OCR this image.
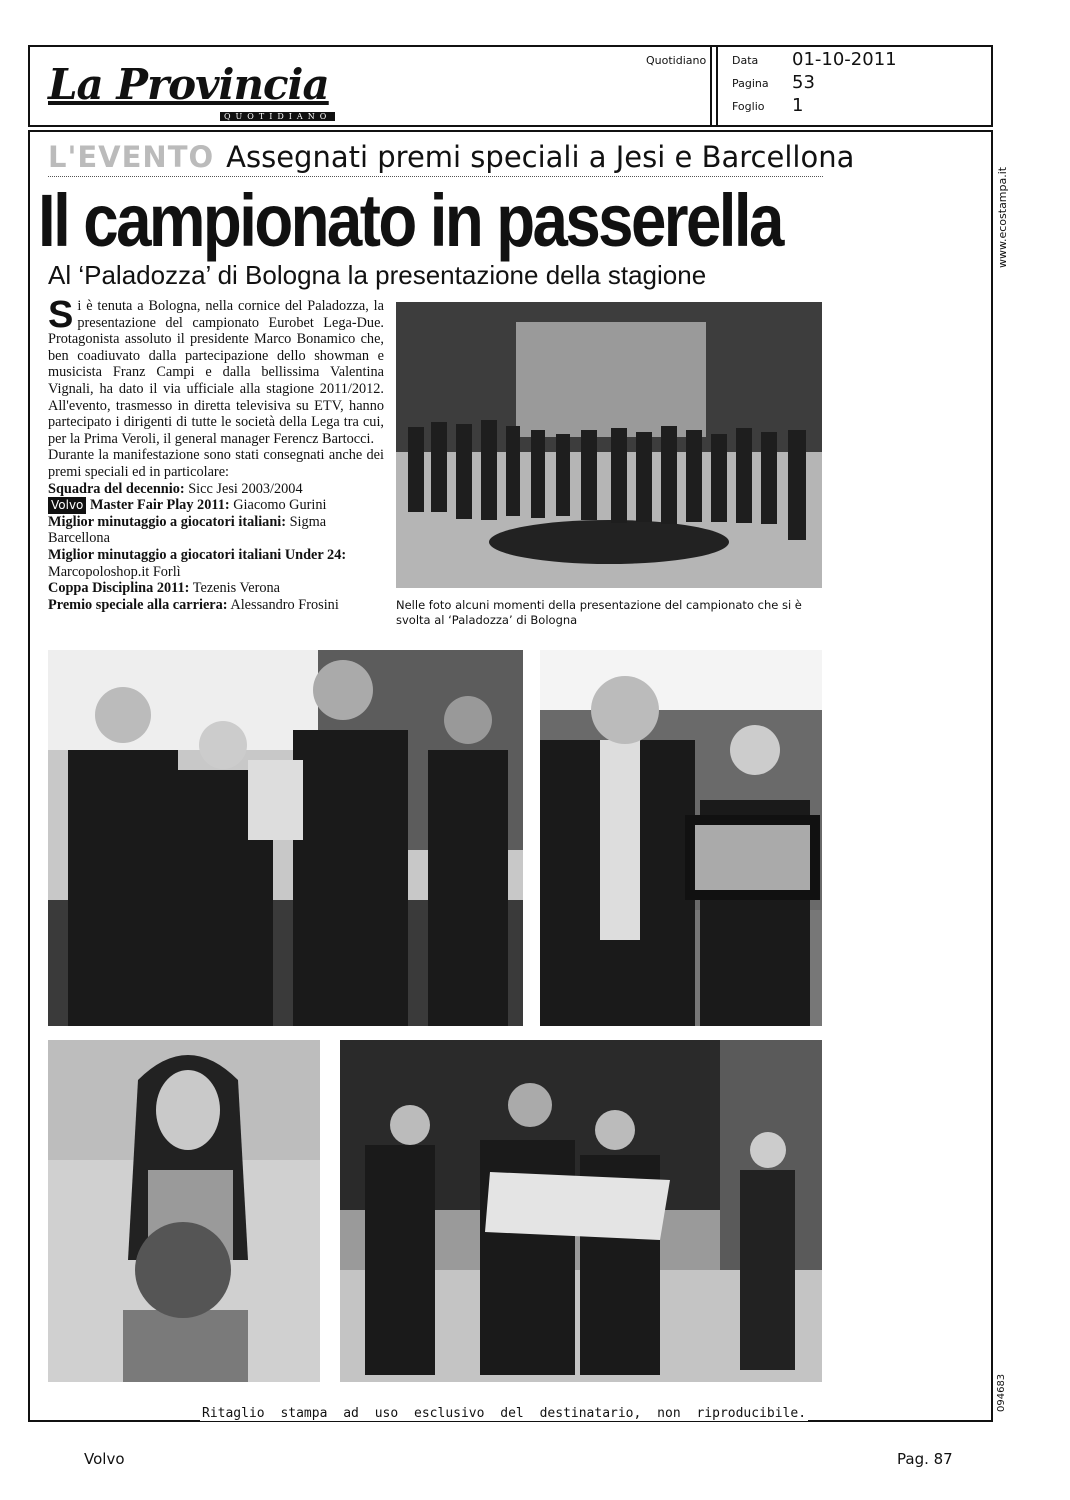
La Provincia
QUOTIDIANO
Quotidiano Data 01-10-2011
Pagina 53
Foglio 1
www.ecostampa.it
094683
L'EVENTO Assegnati premi speciali a Jesi e Barcellona
Il campionato in passerella
Al ‘Paladozza’ di Bologna la presentazione della stagione

Si è tenuta a Bologna, nella cornice del Paladozza, la presentazione del campionato Eurobet Lega-Due. Protagonista assoluto il presidente Marco Bonamico che, ben coadiuvato dalla partecipazione dello showman e musicista Franz Campi e dalla bellissima Valentina Vignali, ha dato il via ufficiale alla stagione 2011/2012. All'evento, trasmesso in diretta televisiva su ETV, hanno partecipato i dirigenti di tutte le società della Lega tra cui, per la Prima Veroli, il general manager Ferencz Bartocci.

Durante la manifestazione sono stati consegnati anche dei premi speciali ed in particolare:

Squadra del decennio: Sicc Jesi 2003/2004
Volvo Master Fair Play 2011: Giacomo Gurini
Miglior minutaggio a giocatori italiani: Sigma Barcellona
Miglior minutaggio a giocatori italiani Under 24: Marcopoloshop.it Forlì
Coppa Disciplina 2011: Tezenis Verona
Premio speciale alla carriera: Alessandro Frosini	Nelle foto alcuni momenti della presentazione del campionato che si è svolta al ‘Paladozza’ di Bologna
Ritaglio stampa ad uso esclusivo del destinatario, non riproducibile.
Volvo	Pag. 87
